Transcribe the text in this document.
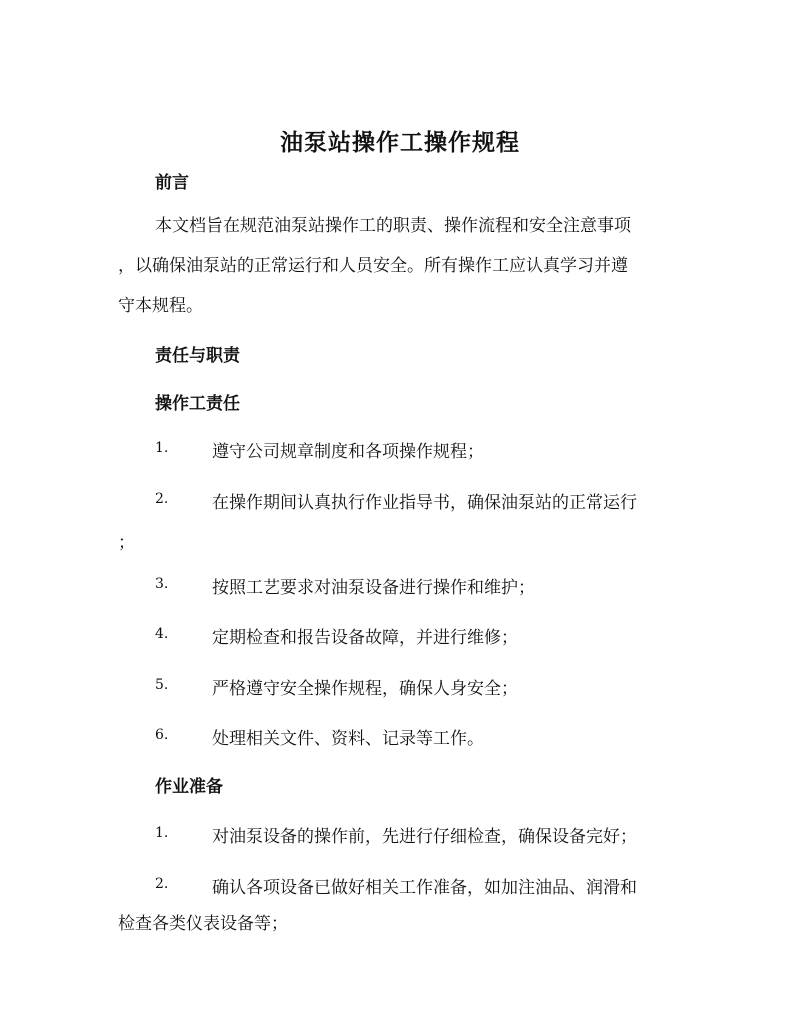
油泵站操作工操作规程
前言

本文档旨在规范油泵站操作工的职责、操作流程和安全注意事项

，以确保油泵站的正常运行和人员安全。所有操作工应认真学习并遵

守本规程。

责任与职责
操作工责任
1.	遵守公司规章制度和各项操作规程；
2.	在操作期间认真执行作业指导书，确保油泵站的正常运行
；
3.	按照工艺要求对油泵设备进行操作和维护；
4.	定期检查和报告设备故障，并进行维修；
5.	严格遵守安全操作规程，确保人身安全；
6.	处理相关文件、资料、记录等工作。
作业准备
1.	对油泵设备的操作前，先进行仔细检查，确保设备完好；
2.	确认各项设备已做好相关工作准备，如加注油品、润滑和
检查各类仪表设备等；
